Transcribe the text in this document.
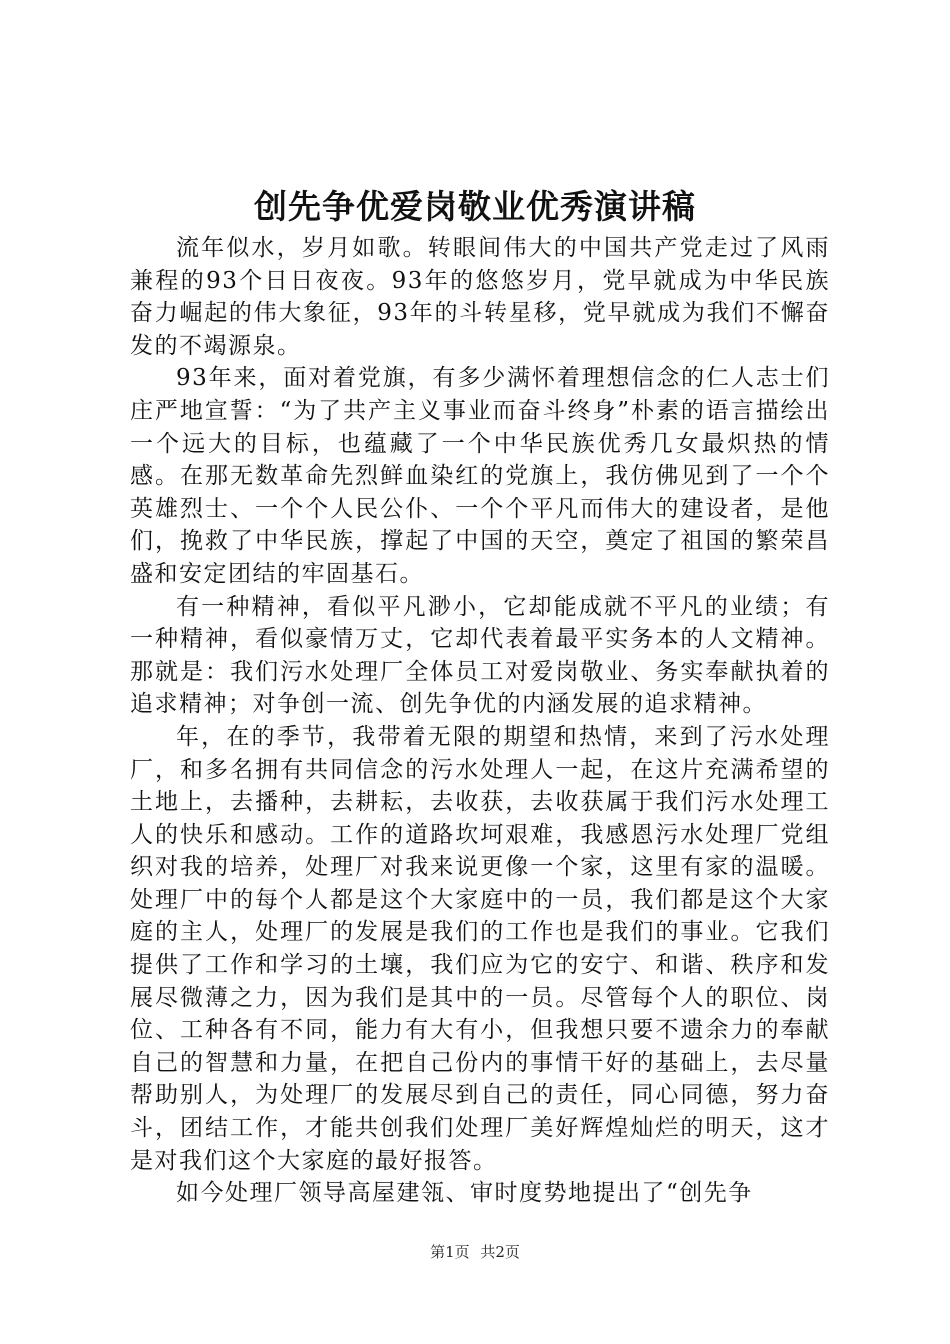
创先争优爱岗敬业优秀演讲稿

流年似水，岁月如歌。转眼间伟大的中国共产党走过了风雨兼程的93个日日夜夜。93年的悠悠岁月，党早就成为中华民族奋力崛起的伟大象征，93年的斗转星移，党早就成为我们不懈奋发的不竭源泉。

93年来，面对着党旗，有多少满怀着理想信念的仁人志士们庄严地宣誓：“为了共产主义事业而奋斗终身”朴素的语言描绘出一个远大的目标，也蕴藏了一个中华民族优秀几女最炽热的情感。在那无数革命先烈鲜血染红的党旗上，我仿佛见到了一个个英雄烈士、一个个人民公仆、一个个平凡而伟大的建设者，是他们，挽救了中华民族，撑起了中国的天空，奠定了祖国的繁荣昌盛和安定团结的牢固基石。

有一种精神，看似平凡渺小，它却能成就不平凡的业绩；有一种精神，看似豪情万丈，它却代表着最平实务本的人文精神。那就是：我们污水处理厂全体员工对爱岗敬业、务实奉献执着的追求精神；对争创一流、创先争优的内涵发展的追求精神。

年，在的季节，我带着无限的期望和热情，来到了污水处理厂，和多名拥有共同信念的污水处理人一起，在这片充满希望的土地上，去播种，去耕耘，去收获，去收获属于我们污水处理工人的快乐和感动。工作的道路坎坷艰难，我感恩污水处理厂党组织对我的培养，处理厂对我来说更像一个家，这里有家的温暖。处理厂中的每个人都是这个大家庭中的一员，我们都是这个大家庭的主人，处理厂的发展是我们的工作也是我们的事业。它我们提供了工作和学习的土壤，我们应为它的安宁、和谐、秩序和发展尽微薄之力，因为我们是其中的一员。尽管每个人的职位、岗位、工种各有不同，能力有大有小，但我想只要不遗余力的奉献自己的智慧和力量，在把自己份内的事情干好的基础上，去尽量帮助别人，为处理厂的发展尽到自己的责任，同心同德，努力奋斗，团结工作，才能共创我们处理厂美好辉煌灿烂的明天，这才是对我们这个大家庭的最好报答。

如今处理厂领导高屋建瓴、审时度势地提出了“创先争

第1页 共2页
